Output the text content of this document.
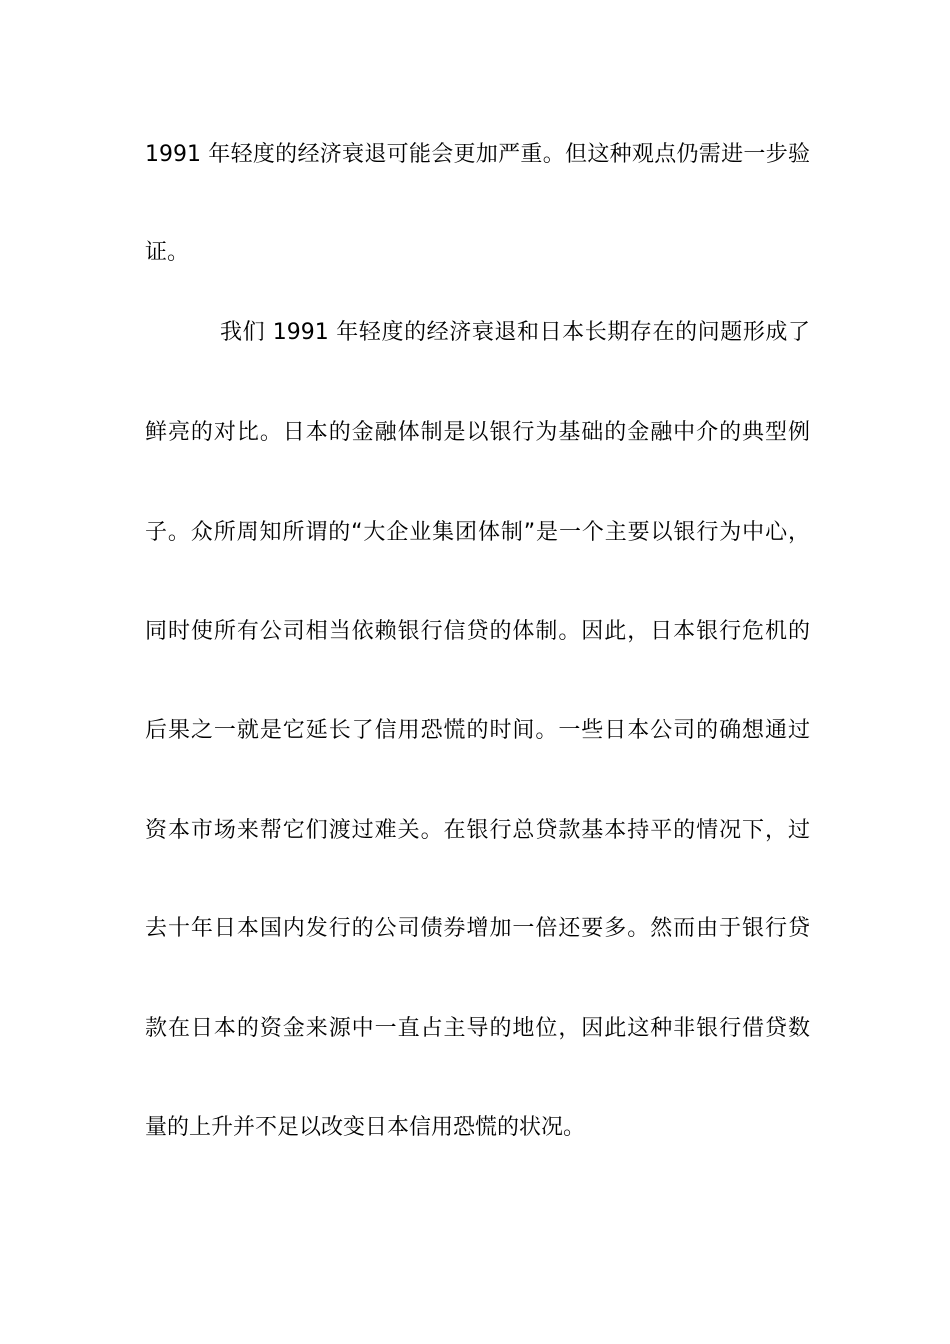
1991 年轻度的经济衰退可能会更加严重。但这种观点仍需进一步验
证。
我们 1991 年轻度的经济衰退和日本长期存在的问题形成了
鲜亮的对比。日本的金融体制是以银行为基础的金融中介的典型例
子。众所周知所谓的“大企业集团体制”是一个主要以银行为中心，
同时使所有公司相当依赖银行信贷的体制。因此，日本银行危机的
后果之一就是它延长了信用恐慌的时间。一些日本公司的确想通过
资本市场来帮它们渡过难关。在银行总贷款基本持平的情况下，过
去十年日本国内发行的公司债券增加一倍还要多。然而由于银行贷
款在日本的资金来源中一直占主导的地位，因此这种非银行借贷数
量的上升并不足以改变日本信用恐慌的状况。
